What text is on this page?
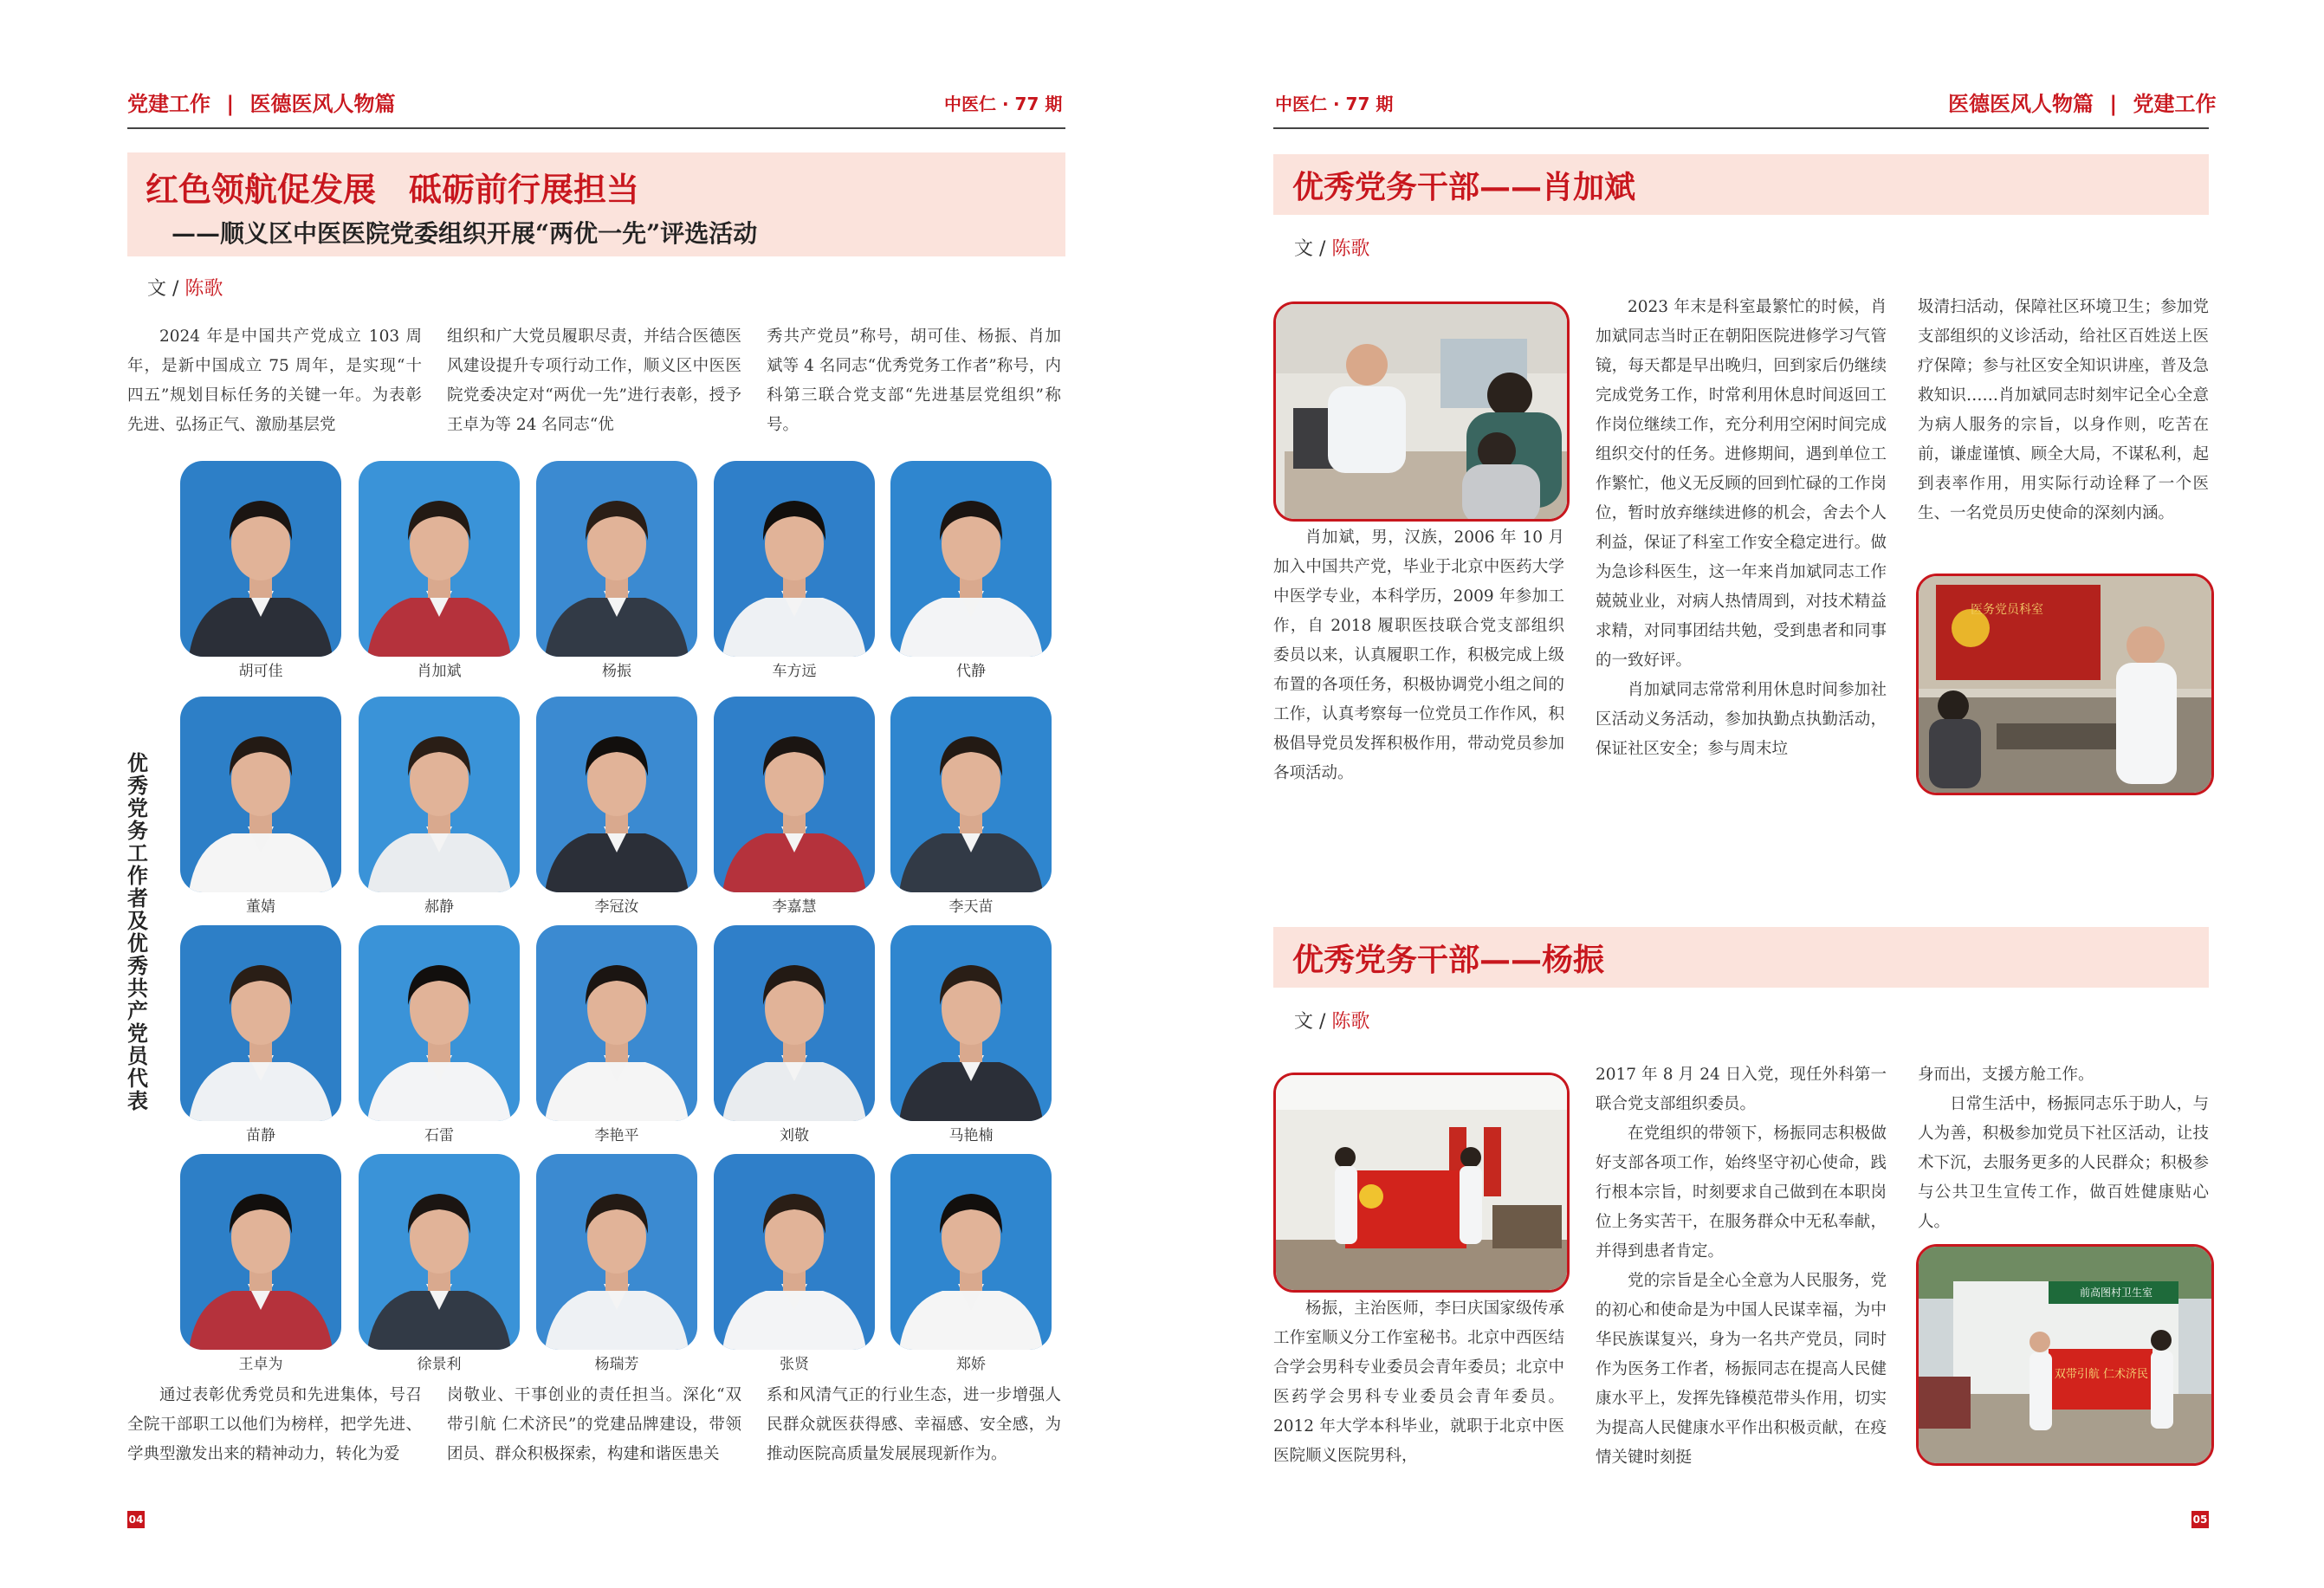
党建工作 | 医德医风人物篇	中医仁 · 77 期
红色领航促发展　砥砺前行展担当
——顺义区中医医院党委组织开展“两优一先”评选活动
文 / 陈歌

2024 年是中国共产党成立 103 周年，是新中国成立 75 周年，是实现“十四五”规划目标任务的关键一年。为表彰先进、弘扬正气、激励基层党

组织和广大党员履职尽责，并结合医德医风建设提升专项行动工作，顺义区中医医院党委决定对“两优一先”进行表彰，授予王卓为等 24 名同志“优

秀共产党员”称号，胡可佳、杨振、肖加斌等 4 名同志“优秀党务工作者”称号，内科第三联合党支部“先进基层党组织”称号。

优秀党务工作者及优秀共产党员代表

通过表彰优秀党员和先进集体，号召全院干部职工以他们为榜样，把学先进、学典型激发出来的精神动力，转化为爱

岗敬业、干事创业的责任担当。深化“双带引航 仁术济民”的党建品牌建设，带领团员、群众积极探索，构建和谐医患关

系和风清气正的行业生态，进一步增强人民群众就医获得感、幸福感、安全感，为推动医院高质量发展展现新作为。

04
胡可佳	肖加斌	杨振	车方远	代静
董婧	郝静	李冠汝	李嘉慧	李天苗
苗静	石雷	李艳平	刘敬	马艳楠
王卓为	徐景利	杨瑞芳	张贤	郑娇
中医仁 · 77 期	医德医风人物篇 | 党建工作
优秀党务干部——肖加斌
文 / 陈歌

肖加斌，男，汉族，2006 年 10 月加入中国共产党，毕业于北京中医药大学中医学专业，本科学历，2009 年参加工作，自 2018 履职医技联合党支部组织委员以来，认真履职工作，积极完成上级布置的各项任务，积极协调党小组之间的工作，认真考察每一位党员工作作风，积极倡导党员发挥积极作用，带动党员参加各项活动。

2023 年末是科室最繁忙的时候，肖加斌同志当时正在朝阳医院进修学习气管镜，每天都是早出晚归，回到家后仍继续完成党务工作，时常利用休息时间返回工作岗位继续工作，充分利用空闲时间完成组织交付的任务。进修期间，遇到单位工作繁忙，他义无反顾的回到忙碌的工作岗位，暂时放弃继续进修的机会，舍去个人利益，保证了科室工作安全稳定进行。做为急诊科医生，这一年来肖加斌同志工作兢兢业业，对病人热情周到，对技术精益求精，对同事团结共勉，受到患者和同事的一致好评。

肖加斌同志常常利用休息时间参加社区活动义务活动，参加执勤点执勤活动，保证社区安全；参与周末垃

圾清扫活动，保障社区环境卫生；参加党支部组织的义诊活动，给社区百姓送上医疗保障；参与社区安全知识讲座，普及急救知识……肖加斌同志时刻牢记全心全意为病人服务的宗旨，以身作则，吃苦在前，谦虚谨慎、顾全大局，不谋私利，起到表率作用，用实际行动诠释了一个医生、一名党员历史使命的深刻内涵。

医务党员科室
优秀党务干部——杨振
文 / 陈歌

杨振，主治医师，李曰庆国家级传承工作室顺义分工作室秘书。北京中西医结合学会男科专业委员会青年委员；北京中医药学会男科专业委员会青年委员。2012 年大学本科毕业，就职于北京中医医院顺义医院男科，

2017 年 8 月 24 日入党，现任外科第一联合党支部组织委员。

在党组织的带领下，杨振同志积极做好支部各项工作，始终坚守初心使命，践行根本宗旨，时刻要求自己做到在本职岗位上务实苦干，在服务群众中无私奉献，并得到患者肯定。

党的宗旨是全心全意为人民服务，党的初心和使命是为中国人民谋幸福，为中华民族谋复兴，身为一名共产党员，同时作为医务工作者，杨振同志在提高人民健康水平上，发挥先锋模范带头作用，切实为提高人民健康水平作出积极贡献，在疫情关键时刻挺

身而出，支援方舱工作。

日常生活中，杨振同志乐于助人，与人为善，积极参加党员下社区活动，让技术下沉，去服务更多的人民群众；积极参与公共卫生宣传工作，做百姓健康贴心人。

前高图村卫生室
双带引航 仁术济民
05
